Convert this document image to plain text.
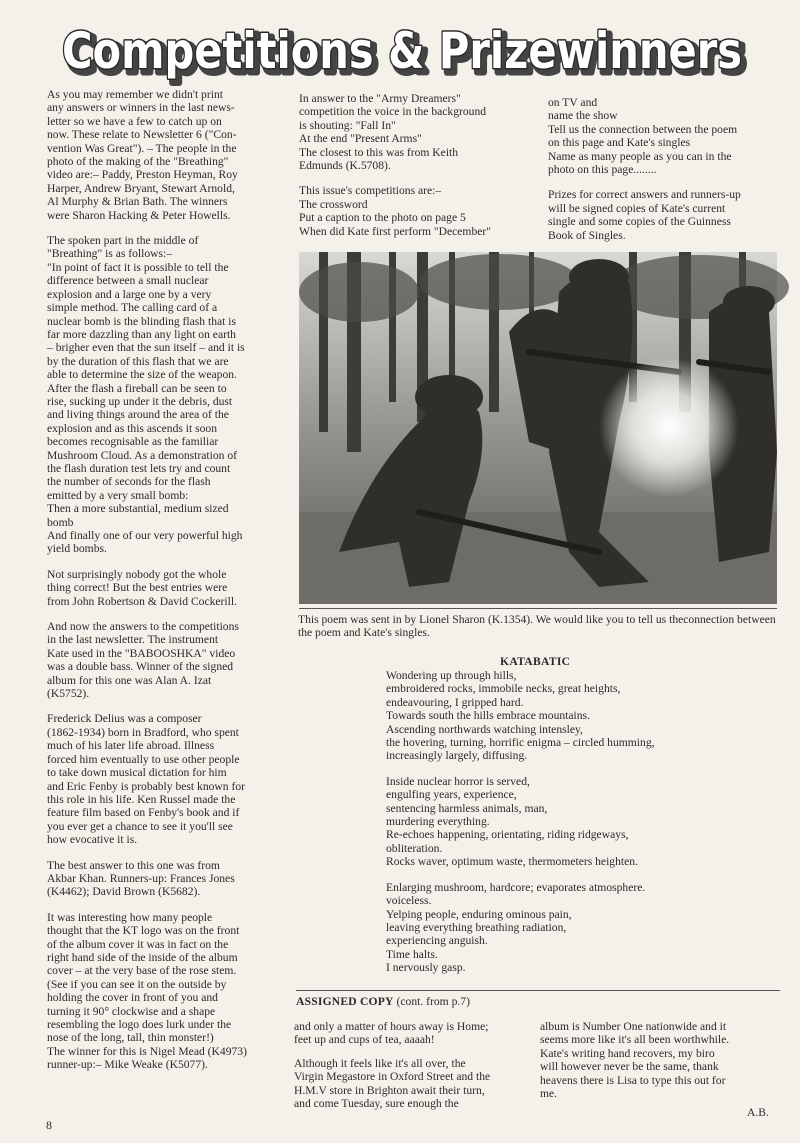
Competitions & Prizewinners
Competitions & Prizewinners

As you may remember we didn't print
any answers or winners in the last news-
letter so we have a few to catch up on
now. These relate to Newsletter 6 ("Con-
vention Was Great"). – The people in the
photo of the making of the "Breathing"
video are:– Paddy, Preston Heyman, Roy
Harper, Andrew Bryant, Stewart Arnold,
Al Murphy & Brian Bath. The winners
were Sharon Hacking & Peter Howells.

The spoken part in the middle of
"Breathing" is as follows:–
"In point of fact it is possible to tell the
difference between a small nuclear
explosion and a large one by a very
simple method. The calling card of a
nuclear bomb is the blinding flash that is
far more dazzling than any light on earth
– brigher even that the sun itself – and it is
by the duration of this flash that we are
able to determine the size of the weapon.
After the flash a fireball can be seen to
rise, sucking up under it the debris, dust
and living things around the area of the
explosion and as this ascends it soon
becomes recognisable as the familiar
Mushroom Cloud. As a demonstration of
the flash duration test lets try and count
the number of seconds for the flash
emitted by a very small bomb:
Then a more substantial, medium sized
bomb
And finally one of our very powerful high
yield bombs.

Not surprisingly nobody got the whole
thing correct! But the best entries were
from John Robertson & David Cockerill.

And now the answers to the competitions
in the last newsletter. The instrument
Kate used in the "BABOOSHKA" video
was a double bass. Winner of the signed
album for this one was Alan A. Izat
(K5752).

Frederick Delius was a composer
(1862-1934) born in Bradford, who spent
much of his later life abroad. Illness
forced him eventually to use other people
to take down musical dictation for him
and Eric Fenby is probably best known for
this role in his life. Ken Russel made the
feature film based on Fenby's book and if
you ever get a chance to see it you'll see
how evocative it is.

The best answer to this one was from
Akbar Khan. Runners-up: Frances Jones
(K4462); David Brown (K5682).

It was interesting how many people
thought that the KT logo was on the front
of the album cover it was in fact on the
right hand side of the inside of the album
cover – at the very base of the rose stem.
(See if you can see it on the outside by
holding the cover in front of you and
turning it 90° clockwise and a shape
resembling the logo does lurk under the
nose of the long, tall, thin monster!)
The winner for this is Nigel Mead (K4973)
runner-up:– Mike Weake (K5077).

In answer to the "Army Dreamers"
competition the voice in the background
is shouting: "Fall In"
At the end "Present Arms"
The closest to this was from Keith
Edmunds (K.5708).

This issue's competitions are:–
The crossword
Put a caption to the photo on page 5
When did Kate first perform "December"

on TV and
name the show
Tell us the connection between the poem
on this page and Kate's singles
Name as many people as you can in the
photo on this page........

Prizes for correct answers and runners-up
will be signed copies of Kate's current
single and some copies of the Guinness
Book of Singles.

This poem was sent in by Lionel Sharon (K.1354). We would like you to tell us theconnection between the poem and Kate's singles.
KATABATIC
Wondering up through hills,
embroidered rocks, immobile necks, great heights,
endeavouring, I gripped hard.
Towards south the hills embrace mountains.
Ascending northwards watching intensley,
the hovering, turning, horrific enigma – circled humming,
increasingly largely, diffusing.
Inside nuclear horror is served,
engulfing years, experience,
sentencing harmless animals, man,
murdering everything.
Re-echoes happening, orientating, riding ridgeways,
obliteration.
Rocks waver, optimum waste, thermometers heighten.
Enlarging mushroom, hardcore; evaporates atmosphere.
voiceless.
Yelping people, enduring ominous pain,
leaving everything breathing radiation,
experiencing anguish.
Time halts.
I nervously gasp.
ASSIGNED COPY (cont. from p.7)

and only a matter of hours away is Home;
feet up and cups of tea, aaaah!

Although it feels like it's all over, the
Virgin Megastore in Oxford Street and the
H.M.V store in Brighton await their turn,
and come Tuesday, sure enough the

album is Number One nationwide and it
seems more like it's all been worthwhile.
Kate's writing hand recovers, my biro
will however never be the same, thank
heavens there is Lisa to type this out for
me.
A.B.
8
